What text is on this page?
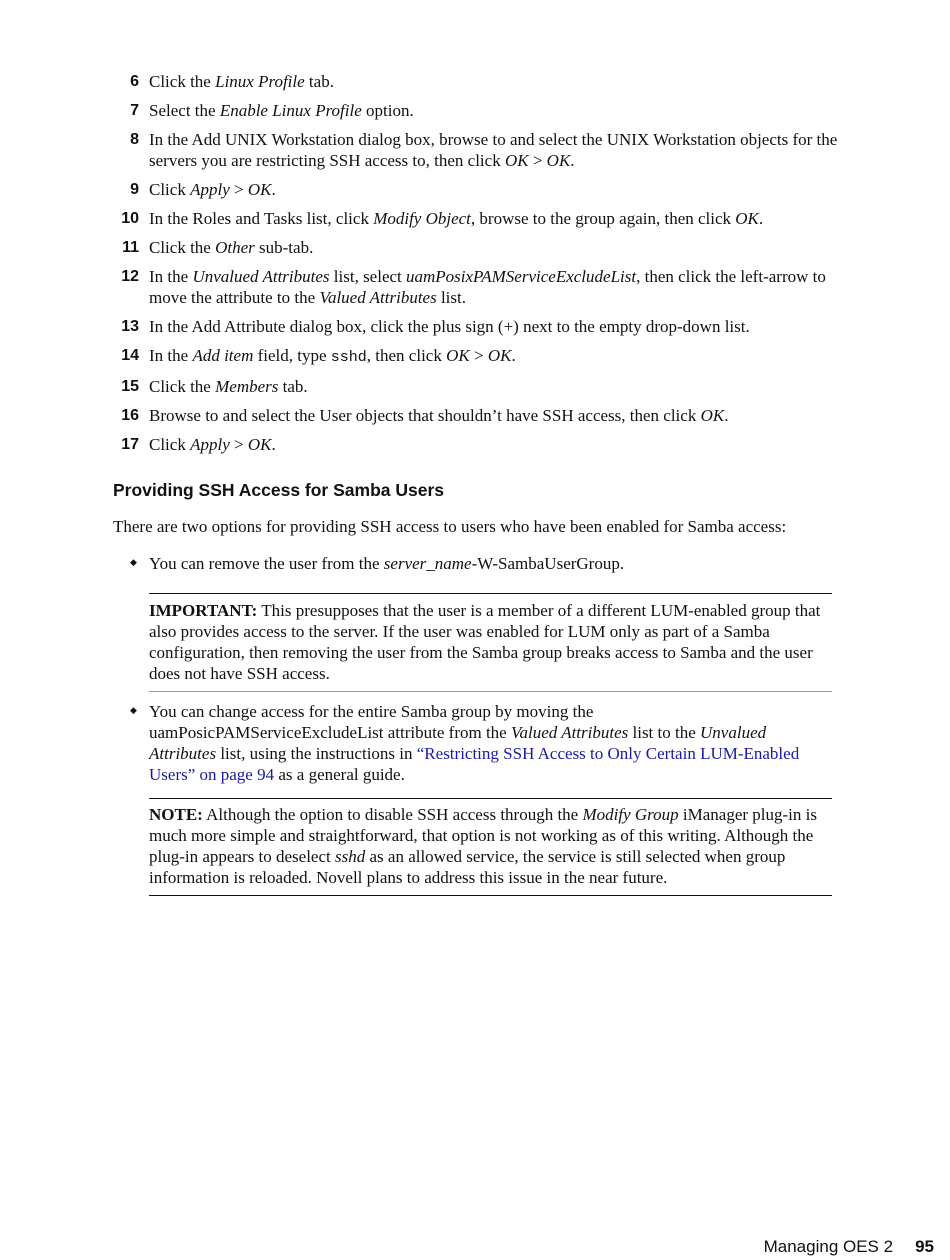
6 Click the Linux Profile tab.
7 Select the Enable Linux Profile option.
8 In the Add UNIX Workstation dialog box, browse to and select the UNIX Workstation objects for the servers you are restricting SSH access to, then click OK > OK.
9 Click Apply > OK.
10 In the Roles and Tasks list, click Modify Object, browse to the group again, then click OK.
11 Click the Other sub-tab.
12 In the Unvalued Attributes list, select uamPosixPAMServiceExcludeList, then click the left-arrow to move the attribute to the Valued Attributes list.
13 In the Add Attribute dialog box, click the plus sign (+) next to the empty drop-down list.
14 In the Add item field, type sshd, then click OK > OK.
15 Click the Members tab.
16 Browse to and select the User objects that shouldn’t have SSH access, then click OK.
17 Click Apply > OK.
Providing SSH Access for Samba Users

There are two options for providing SSH access to users who have been enabled for Samba access:

◆ You can remove the user from the server_name-W-SambaUserGroup.

IMPORTANT: This presupposes that the user is a member of a different LUM-enabled group that also provides access to the server. If the user was enabled for LUM only as part of a Samba configuration, then removing the user from the Samba group breaks access to Samba and the user does not have SSH access.

◆ You can change access for the entire Samba group by moving the uamPosicPAMServiceExcludeList attribute from the Valued Attributes list to the Unvalued Attributes list, using the instructions in “Restricting SSH Access to Only Certain LUM-Enabled Users” on page 94 as a general guide.

NOTE: Although the option to disable SSH access through the Modify Group iManager plug-in is much more simple and straightforward, that option is not working as of this writing. Although the plug-in appears to deselect sshd as an allowed service, the service is still selected when group information is reloaded. Novell plans to address this issue in the near future.

Managing OES 2 95
